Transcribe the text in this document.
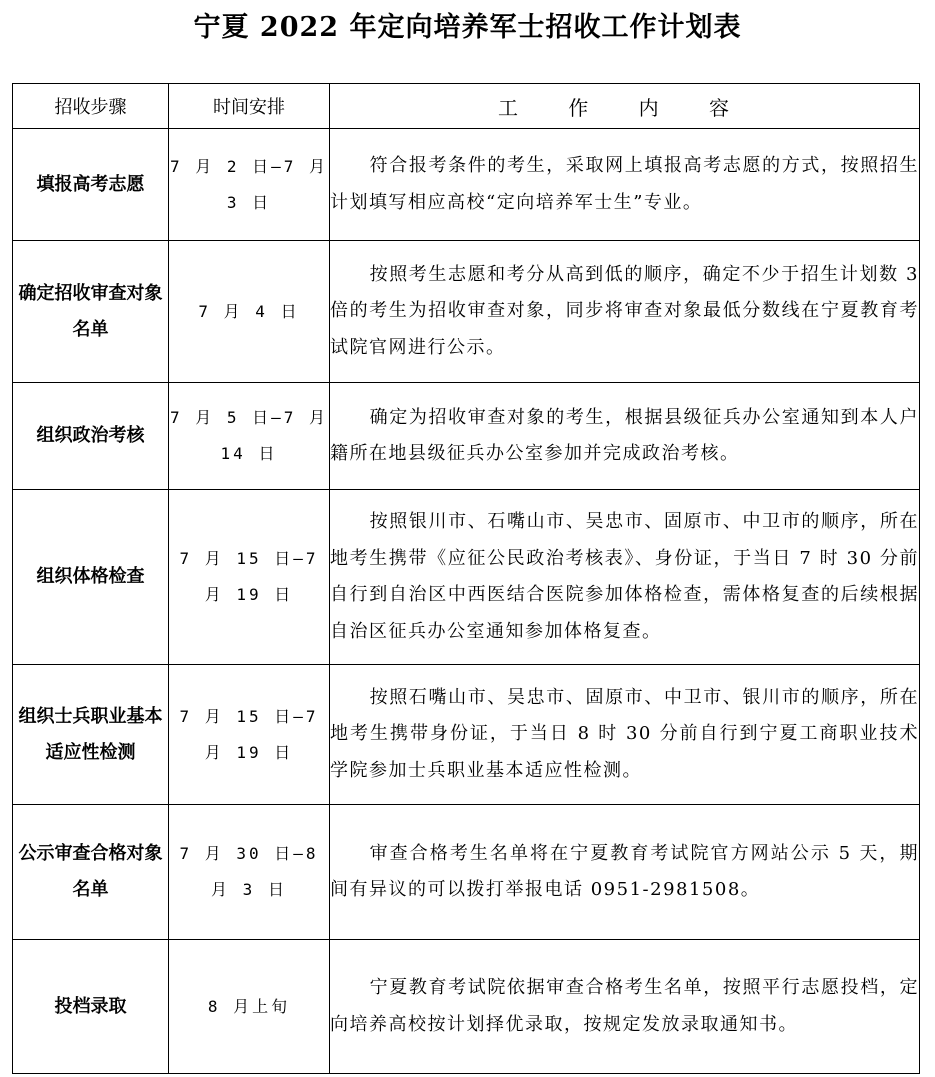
宁夏 2022 年定向培养军士招收工作计划表
招收步骤	时间安排	工 作 内 容
填报高考志愿	7 月 2 日—7 月 3 日	符合报考条件的考生，采取网上填报高考志愿的方式，按照招生计划填写相应高校“定向培养军士生”专业。
确定招收审查对象名单	7 月 4 日	按照考生志愿和考分从高到低的顺序，确定不少于招生计划数 3 倍的考生为招收审查对象，同步将审查对象最低分数线在宁夏教育考试院官网进行公示。
组织政治考核	7 月 5 日—7 月 14 日	确定为招收审查对象的考生，根据县级征兵办公室通知到本人户籍所在地县级征兵办公室参加并完成政治考核。
组织体格检查	7 月 15 日—7 月 19 日	按照银川市、石嘴山市、吴忠市、固原市、中卫市的顺序，所在地考生携带《应征公民政治考核表》、身份证，于当日 7 时 30 分前自行到自治区中西医结合医院参加体格检查，需体格复查的后续根据自治区征兵办公室通知参加体格复查。
组织士兵职业基本适应性检测	7 月 15 日—7 月 19 日	按照石嘴山市、吴忠市、固原市、中卫市、银川市的顺序，所在地考生携带身份证，于当日 8 时 30 分前自行到宁夏工商职业技术学院参加士兵职业基本适应性检测。
公示审查合格对象名单	7 月 30 日—8 月 3 日	审查合格考生名单将在宁夏教育考试院官方网站公示 5 天，期间有异议的可以拨打举报电话 0951-2981508。
投档录取	8 月上旬	宁夏教育考试院依据审查合格考生名单，按照平行志愿投档，定向培养高校按计划择优录取，按规定发放录取通知书。
